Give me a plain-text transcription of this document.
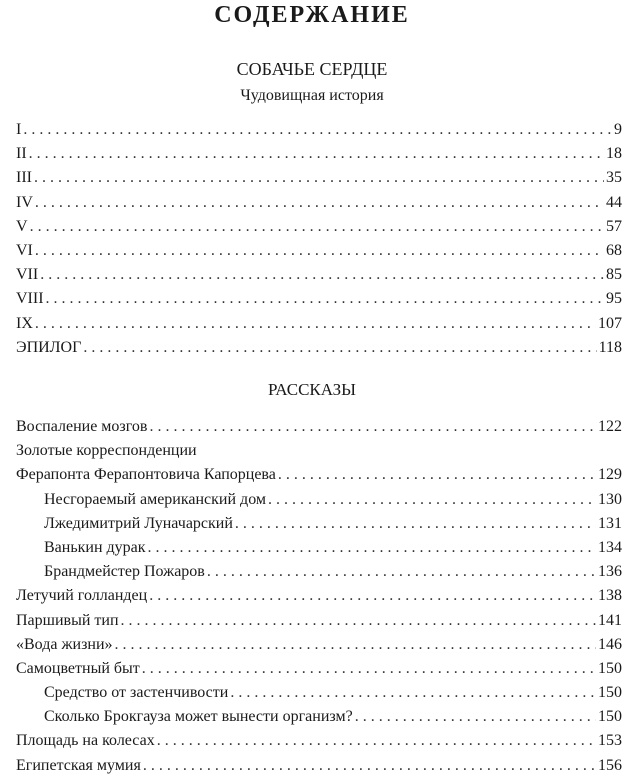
СОДЕРЖАНИЕ
СОБАЧЬЕ СЕРДЦЕ
Чудовищная история
I . . .	9
II . . .	18
III . . .	35
IV . . .	44
V . . .	57
VI . . .	68
VII . . .	85
VIII . . .	95
IX . . .	107
ЭПИЛОГ . . .	118
РАССКАЗЫ
Воспаление мозгов . . .	122
Золотые корреспонденции
Ферапонта Ферапонтовича Капорцева . . .	129
Несгораемый американский дом . . .	130
Лжедимитрий Луначарский . . .	131
Ванькин дурак . . .	134
Брандмейстер Пожаров . . .	136
Летучий голландец . . .	138
Паршивый тип . . .	141
«Вода жизни» . . .	146
Самоцветный быт . . .	150
Средство от застенчивости . . .	150
Сколько Брокгауза может вынести организм? . . .	150
Площадь на колесах . . .	153
Египетская мумия . . .	156
